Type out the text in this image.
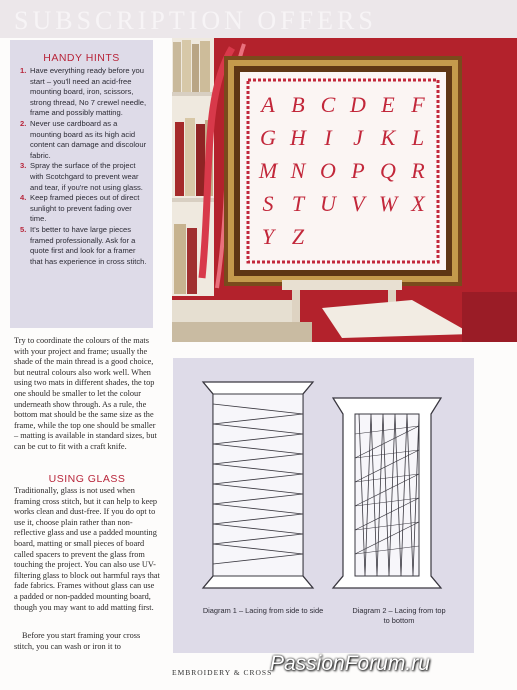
SUBSCRIPTION OFFERS
HANDY HINTS
1. Have everything ready before you start – you'll need an acid-free mounting board, iron, scissors, strong thread, No 7 crewel needle, frame and possibly matting.
2. Never use cardboard as a mounting board as its high acid content can damage and discolour fabric.
3. Spray the surface of the project with Scotchgard to prevent wear and tear, if you're not using glass.
4. Keep framed pieces out of direct sunlight to prevent fading over time.
5. It's better to have large pieces framed professionally. Ask for a quote first and look for a framer that has experience in cross stitch.

Try to coordinate the colours of the mats with your project and frame; usually the shade of the main thread is a good choice, but neutral colours also work well. When using two mats in different shades, the top one should be smaller to let the colour underneath show through. As a rule, the bottom mat should be the same size as the frame, while the top one should be smaller – matting is available in standard sizes, but can be cut to fit with a craft knife.

USING GLASS

Traditionally, glass is not used when framing cross stitch, but it can help to keep works clean and dust-free. If you do opt to use it, choose plain rather than non-reflective glass and use a padded mounting board, matting or small pieces of board called spacers to prevent the glass from touching the project. You can also use UV-filtering glass to block out harmful rays that fade fabrics. Frames without glass can use a padded or non-padded mounting board, though you may want to add matting first.

Before you start framing your cross stitch, you can wash or iron it to

A B C D E F
G H I J K L
M N O P Q R
S T U V W X
Y Z
Diagram 1 – Lacing from side to side	Diagram 2 – Lacing from top
to bottom
EMBROIDERY & CROSS
PassionForum.ru
